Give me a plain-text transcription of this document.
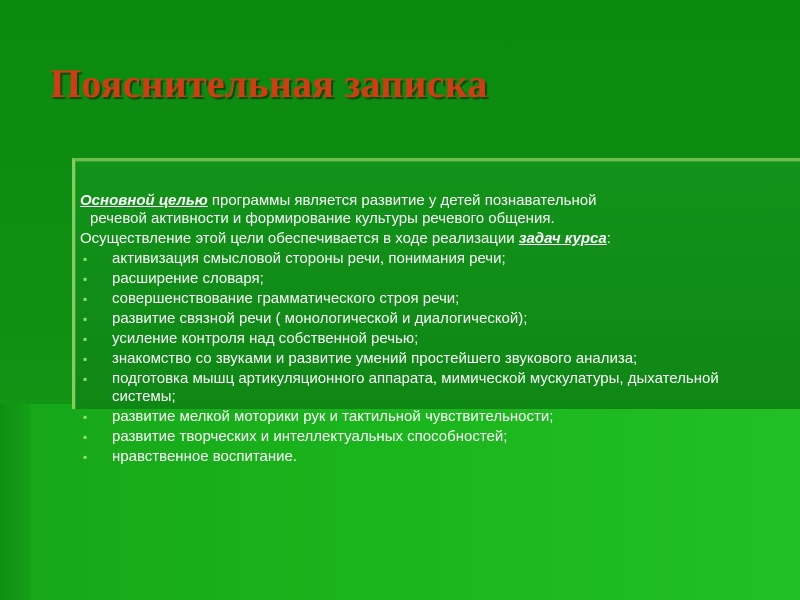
Пояснительная записка

Основной целью программы является развитие у детей познавательной
речевой активности и формирование культуры речевого общения.

Осуществление этой цели обеспечивается в ходе реализации задач курса:

▪ активизация смысловой стороны речи, понимания речи;
▪ расширение словаря;
▪ совершенствование грамматического строя речи;
▪ развитие связной речи ( монологической и диалогической);
▪ усиление контроля над собственной речью;
▪ знакомство со звуками и развитие умений простейшего звукового анализа;
▪ подготовка мышц артикуляционного аппарата, мимической мускулатуры, дыхательной системы;
▪ развитие мелкой моторики рук и тактильной чувствительности;
▪ развитие творческих и интеллектуальных способностей;
▪ нравственное воспитание.
